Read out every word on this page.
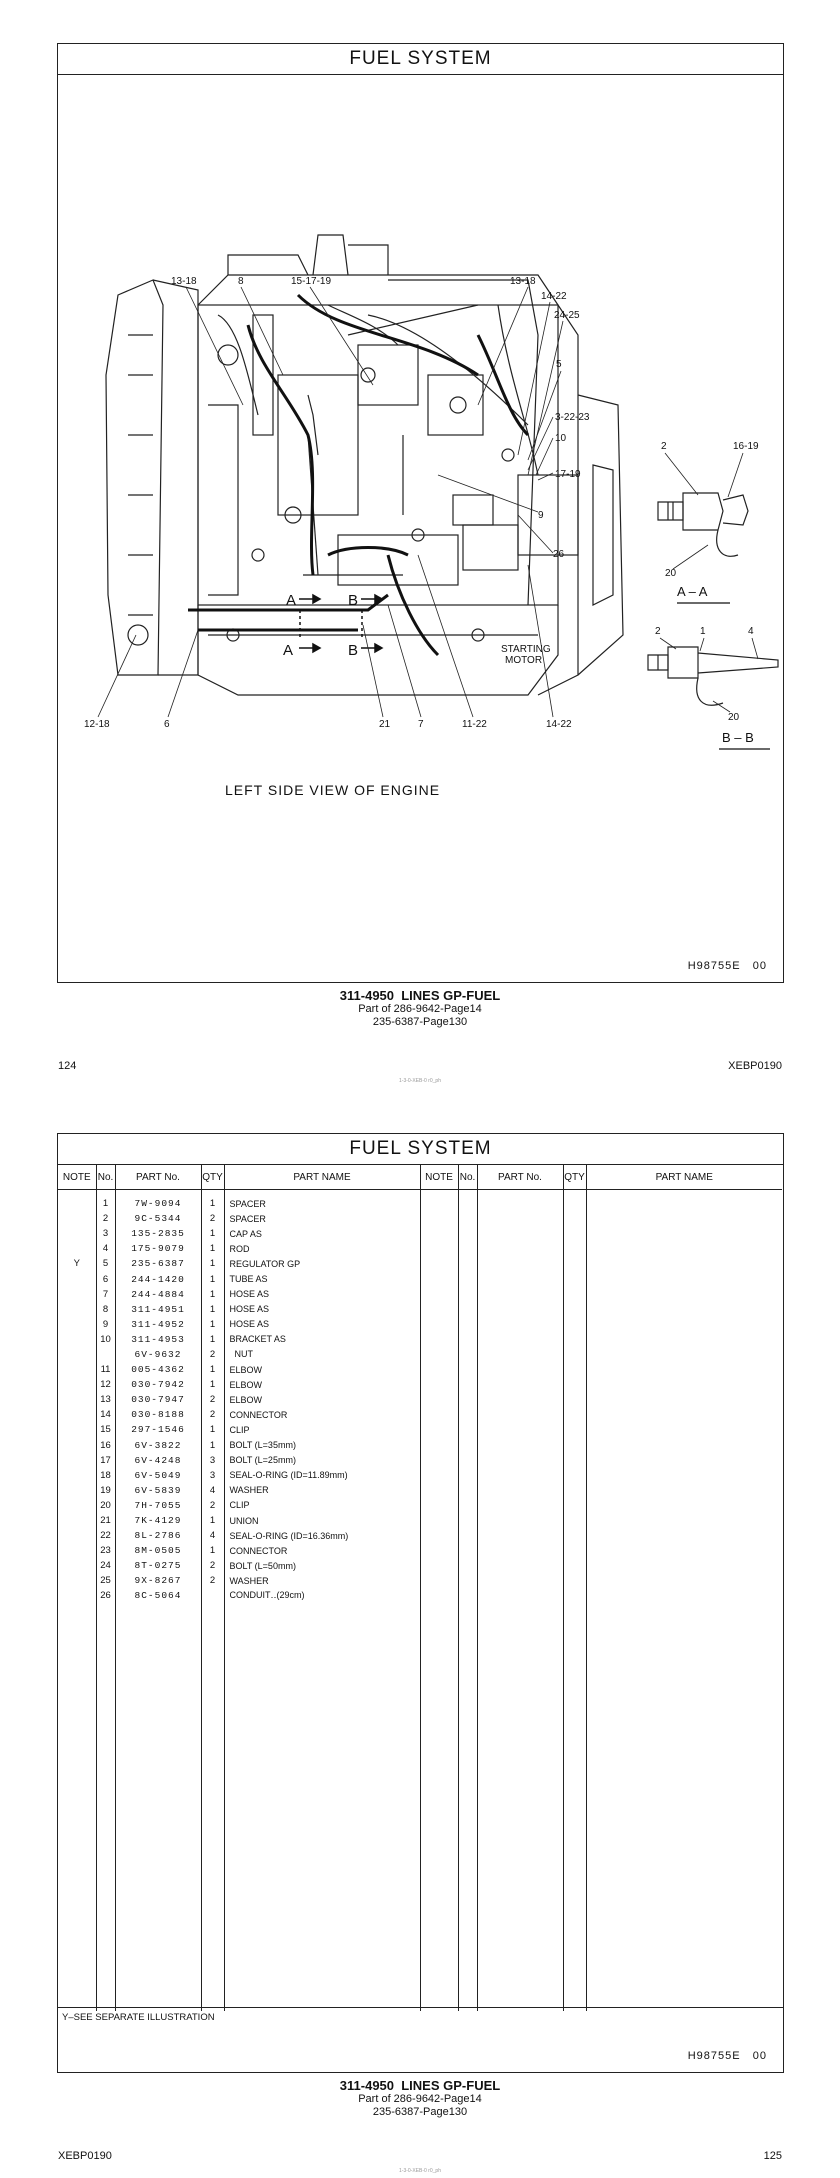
FUEL SYSTEM
STARTING
MOTOR
A
A
B
B
13-18	8	15-17-19	13-18
14-22
24-25
5
3-22-23
10
17-19
9
26
12-18	6	21	7	11-22	14-22
2	16-19
20
A – A
2	1	4
20
B – B
LEFT SIDE VIEW OF ENGINE
H98755E   00
311-4950  LINES GP-FUEL
Part of 286-9642-Page14
235-6387-Page130
124	XEBP0190
1-3-0-XEB-0 r0_ph
FUEL SYSTEM
NOTE	No.	PART No.	QTY	PART NAME	NOTE	No.	PART No.	QTY	PART NAME
	1	7W-9094	1	SPACER					
	2	9C-5344	2	SPACER					
	3	135-2835	1	CAP AS					
	4	175-9079	1	ROD					
Y	5	235-6387	1	REGULATOR GP					
	6	244-1420	1	TUBE AS					
	7	244-4884	1	HOSE AS					
	8	311-4951	1	HOSE AS					
	9	311-4952	1	HOSE AS					
	10	311-4953	1	BRACKET AS					
		6V-9632	2	NUT					
	11	005-4362	1	ELBOW					
	12	030-7942	1	ELBOW					
	13	030-7947	2	ELBOW					
	14	030-8188	2	CONNECTOR					
	15	297-1546	1	CLIP					
	16	6V-3822	1	BOLT (L=35mm)					
	17	6V-4248	3	BOLT (L=25mm)					
	18	6V-5049	3	SEAL-O-RING (ID=11.89mm)					
	19	6V-5839	4	WASHER					
	20	7H-7055	2	CLIP					
	21	7K-4129	1	UNION					
	22	8L-2786	4	SEAL-O-RING (ID=16.36mm)					
	23	8M-0505	1	CONNECTOR					
	24	8T-0275	2	BOLT (L=50mm)					
	25	9X-8267	2	WASHER					
	26	8C-5064		CONDUIT‥(29cm)					

Y–SEE SEPARATE ILLUSTRATION
H98755E   00
311-4950  LINES GP-FUEL
Part of 286-9642-Page14
235-6387-Page130
XEBP0190	125
1-3-0-XEB-0 r0_ph
